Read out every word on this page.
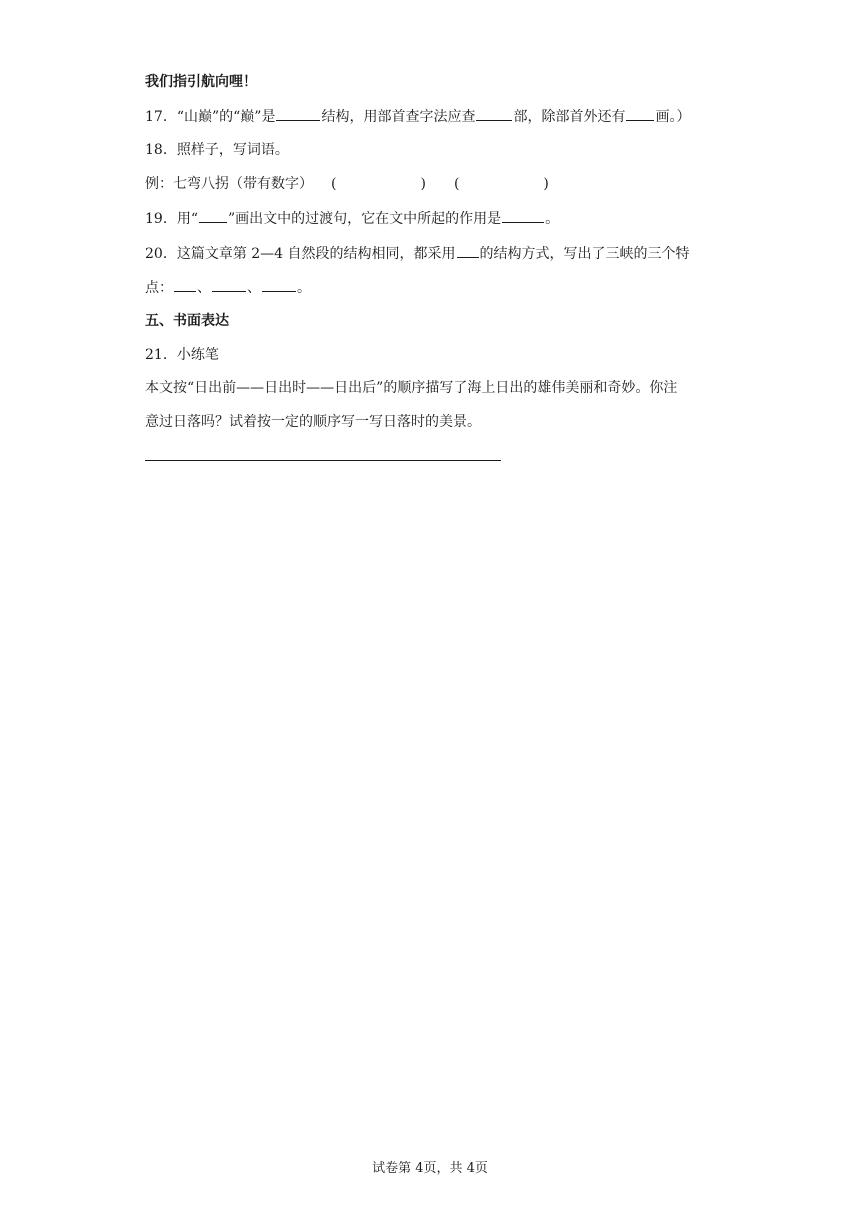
我们指引航向哩！
17．“山巅”的“巅”是	结构，用部首查字法应查	部，除部首外还有 画。）
18．照样子，写词语。
例：七弯八拐（带有数字） (	) (	)
19．用“ ”画出文中的过渡句，它在文中所起的作用是	。
20．这篇文章第 2—4 自然段的结构相同，都采用 的结构方式，写出了三峡的三个特
点： 、	、	。
五、书面表达
21．小练笔
本文按“日出前——日出时——日出后”的顺序描写了海上日出的雄伟美丽和奇妙。你注
意过日落吗？试着按一定的顺序写一写日落时的美景。
试卷第 4页，共 4页
